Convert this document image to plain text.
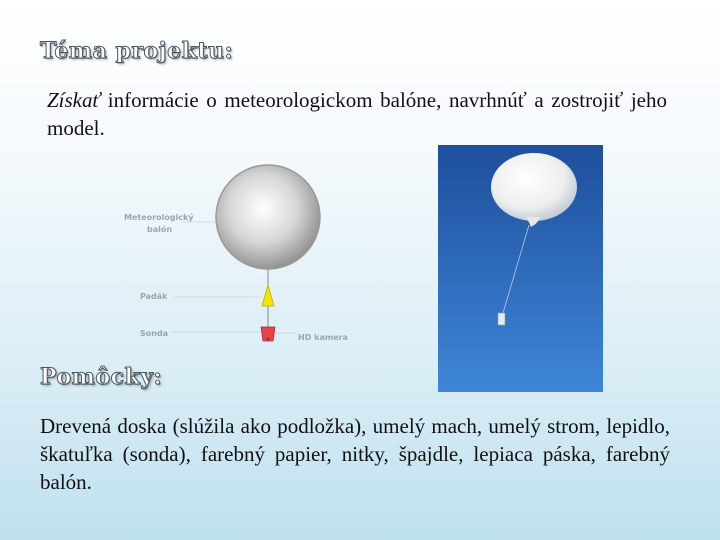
Téma projektu:
Získať informácie o meteorologickom balóne, navrhnúť a zostrojiť jeho model.
Meteorologický
balón
Padák
Sonda	HD kamera
Pomôcky:
Drevená doska (slúžila ako podložka), umelý mach, umelý strom, lepidlo, škatuľka (sonda), farebný papier, nitky, špajdle, lepiaca páska, farebný balón.
